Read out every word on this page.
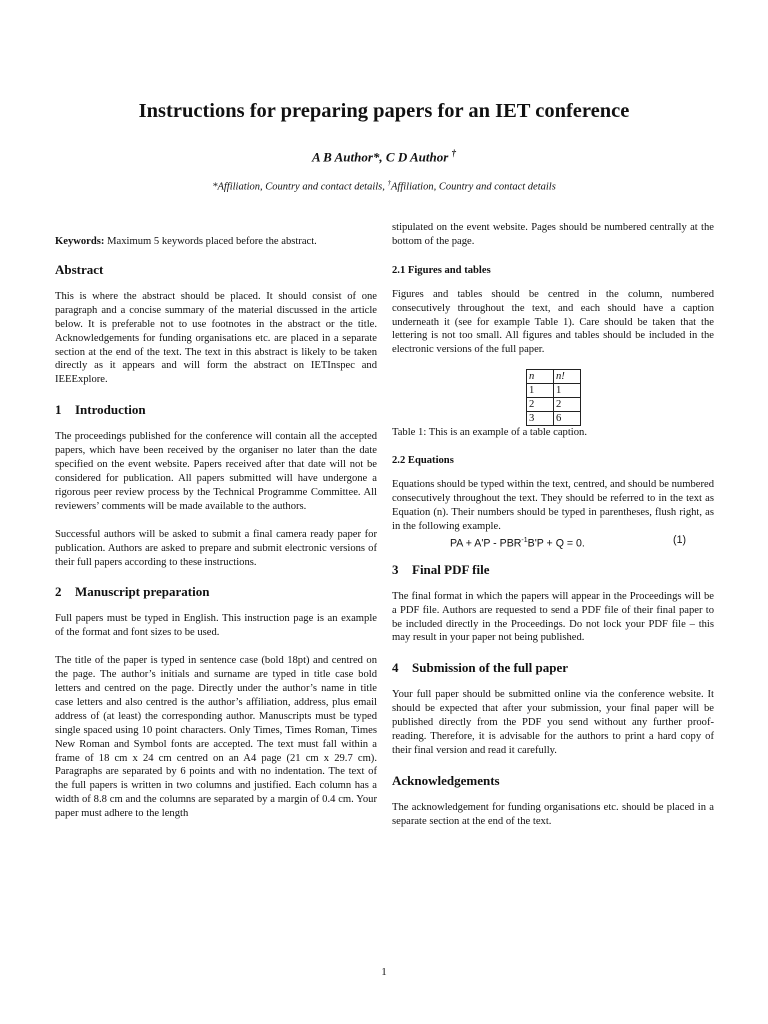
Instructions for preparing papers for an IET conference
A B Author*, C D Author †
*Affiliation, Country and contact details, †Affiliation, Country and contact details

Keywords: Maximum 5 keywords placed before the abstract.

Abstract

This is where the abstract should be placed. It should consist of one paragraph and a concise summary of the material discussed in the article below. It is preferable not to use footnotes in the abstract or the title. Acknowledgements for funding organisations etc. are placed in a separate section at the end of the text. The text in this abstract is likely to be taken directly as it appears and will form the abstract on IETInspec and IEEExplore.

1 Introduction

The proceedings published for the conference will contain all the accepted papers, which have been received by the organiser no later than the date specified on the event website. Papers received after that date will not be considered for publication. All papers submitted will have undergone a rigorous peer review process by the Technical Programme Committee. All reviewers’ comments will be made available to the authors.

Successful authors will be asked to submit a final camera ready paper for publication. Authors are asked to prepare and submit electronic versions of their full papers according to these instructions.

2 Manuscript preparation

Full papers must be typed in English. This instruction page is an example of the format and font sizes to be used.

The title of the paper is typed in sentence case (bold 18pt) and centred on the page. The author’s initials and surname are typed in title case bold letters and centred on the page. Directly under the author’s name in title case letters and also centred is the author’s affiliation, address, plus email address of (at least) the corresponding author. Manuscripts must be typed single spaced using 10 point characters. Only Times, Times Roman, Times New Roman and Symbol fonts are accepted. The text must fall within a frame of 18 cm x 24 cm centred on an A4 page (21 cm x 29.7 cm). Paragraphs are separated by 6 points and with no indentation. The text of the full papers is written in two columns and justified. Each column has a width of 8.8 cm and the columns are separated by a margin of 0.4 cm. Your paper must adhere to the length

stipulated on the event website. Pages should be numbered centrally at the bottom of the page.

2.1 Figures and tables

Figures and tables should be centred in the column, numbered consecutively throughout the text, and each should have a caption underneath it (see for example Table 1). Care should be taken that the lettering is not too small. All figures and tables should be included in the electronic versions of the full paper.

n	n!
1	1
2	2
3	6

Table 1: This is an example of a table caption.

2.2 Equations

Equations should be typed within the text, centred, and should be numbered consecutively throughout the text. They should be referred to in the text as Equation (n). Their numbers should be typed in parentheses, flush right, as in the following example.

PA + $A'P - PBR^{-1}B'P + Q = 0$.	(1)
3 Final PDF file

The final format in which the papers will appear in the Proceedings will be a PDF file. Authors are requested to send a PDF file of their final paper to be included directly in the Proceedings. Do not lock your PDF file – this may result in your paper not being published.

4 Submission of the full paper

Your full paper should be submitted online via the conference website. It should be expected that after your submission, your final paper will be published directly from the PDF you send without any further proof-reading. Therefore, it is advisable for the authors to print a hard copy of their final version and read it carefully.

Acknowledgements

The acknowledgement for funding organisations etc. should be placed in a separate section at the end of the text.

1
